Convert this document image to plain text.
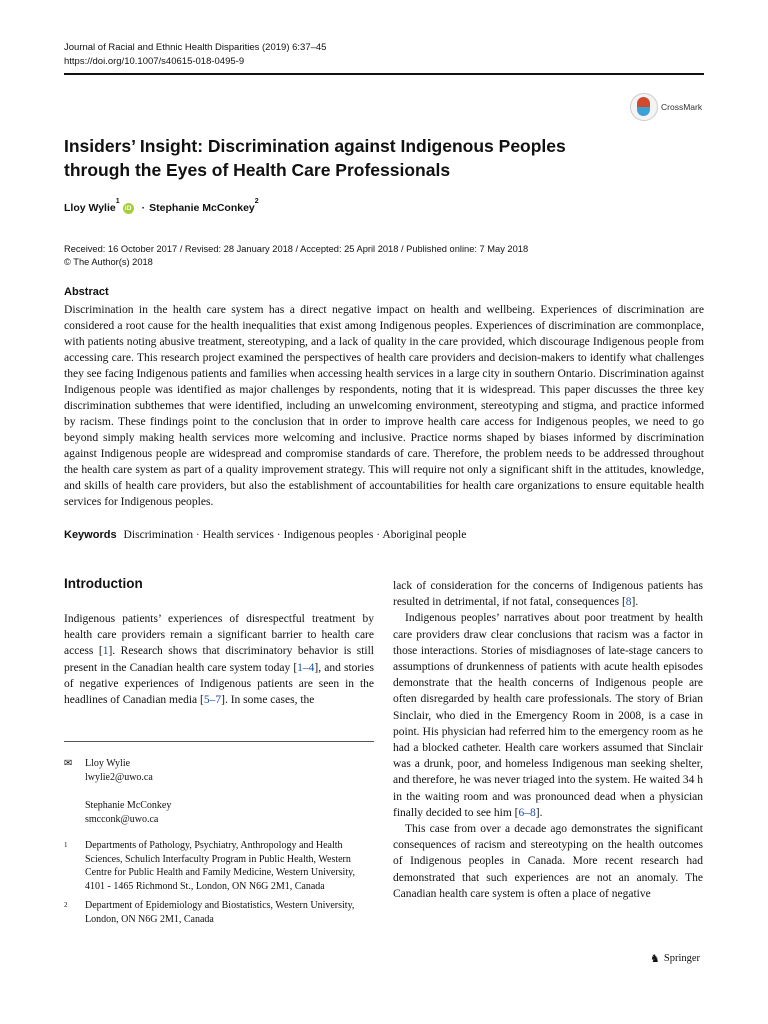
Journal of Racial and Ethnic Health Disparities (2019) 6:37–45
https://doi.org/10.1007/s40615-018-0495-9
CrossMark
Insiders’ Insight: Discrimination against Indigenous Peoples through the Eyes of Health Care Professionals
Lloy Wylie
1
iD · Stephanie McConkey
2
Received: 16 October 2017 / Revised: 28 January 2018 / Accepted: 25 April 2018 / Published online: 7 May 2018
© The Author(s) 2018
Abstract
Discrimination in the health care system has a direct negative impact on health and wellbeing. Experiences of discrimination are considered a root cause for the health inequalities that exist among Indigenous peoples. Experiences of discrimination are commonplace, with patients noting abusive treatment, stereotyping, and a lack of quality in the care provided, which discourage Indigenous people from accessing care. This research project examined the perspectives of health care providers and decision-makers to identify what challenges they see facing Indigenous patients and families when accessing health services in a large city in southern Ontario. Discrimination against Indigenous people was identified as major challenges by respondents, noting that it is widespread. This paper discusses the three key discrimination subthemes that were identified, including an unwelcoming environment, stereotyping and stigma, and practice informed by racism. These findings point to the conclusion that in order to improve health care access for Indigenous peoples, we need to go beyond simply making health services more welcoming and inclusive. Practice norms shaped by biases informed by discrimination against Indigenous people are widespread and compromise standards of care. Therefore, the problem needs to be addressed throughout the health care system as part of a quality improvement strategy. This will require not only a significant shift in the attitudes, knowledge, and skills of health care providers, but also the establishment of accountabilities for health care organizations to ensure equitable health services for Indigenous peoples.
Keywords Discrimination · Health services · Indigenous peoples · Aboriginal people
Introduction

Indigenous patients’ experiences of disrespectful treatment by health care providers remain a significant barrier to health care access [1]. Research shows that discriminatory behavior is still present in the Canadian health care system today [1–4], and stories of negative experiences of Indigenous patients are seen in the headlines of Canadian media [5–7]. In some cases, the

lack of consideration for the concerns of Indigenous patients has resulted in detrimental, if not fatal, consequences [8].

Indigenous peoples’ narratives about poor treatment by health care providers draw clear conclusions that racism was a factor in those interactions. Stories of misdiagnoses of late-stage cancers to assumptions of drunkenness of patients with acute health episodes demonstrate that the health concerns of Indigenous people are often disregarded by health care professionals. The story of Brian Sinclair, who died in the Emergency Room in 2008, is a case in point. His physician had referred him to the emergency room as he had a blocked catheter. Health care workers assumed that Sinclair was a drunk, poor, and homeless Indigenous man seeking shelter, and therefore, he was never triaged into the system. He waited 34 h in the waiting room and was pronounced dead when a physician finally decided to see him [6–8].

This case from over a decade ago demonstrates the significant consequences of racism and stereotyping on the health outcomes of Indigenous peoples in Canada. More recent research had demonstrated that such experiences are not an anomaly. The Canadian health care system is often a place of negative

✉	Lloy Wylie
lwylie2@uwo.ca
Stephanie McConkey
smcconk@uwo.ca
1	Departments of Pathology, Psychiatry, Anthropology and Health Sciences, Schulich Interfaculty Program in Public Health, Western Centre for Public Health and Family Medicine, Western University, 4101 - 1465 Richmond St., London, ON N6G 2M1, Canada
2	Department of Epidemiology and Biostatistics, Western University, London, ON N6G 2M1, Canada
♞ Springer
